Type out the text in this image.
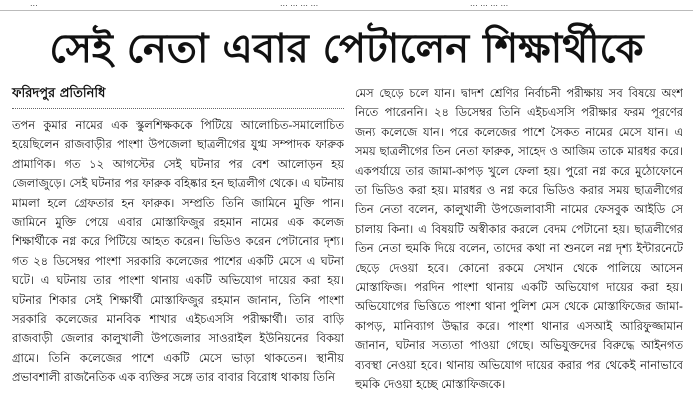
...	... ... ... ...	... ... ... ...
সেই নেতা এবার পেটালেন শিক্ষার্থীকে
ফরিদপুর প্রতিনিধি

তপন কুমার নামের এক স্কুলশিক্ষককে পিটিয়ে আলোচিত-সমালোচিত হয়েছিলেন রাজবাড়ীর পাংশা উপজেলা ছাত্রলীগের যুগ্ম সম্পাদক ফারুক প্রামাণিক। গত ১২ আগস্টের সেই ঘটনার পর বেশ আলোড়ন হয় জেলাজুড়ে। সেই ঘটনার পর ফারুক বহিষ্কার হন ছাত্রলীগ থেকে। এ ঘটনায় মামলা হলে গ্রেফতার হন ফারুক। সম্প্রতি তিনি জামিনে মুক্তি পান। জামিনে মুক্তি পেয়ে এবার মোস্তাফিজুর রহমান নামের এক কলেজ শিক্ষার্থীকে নগ্ন করে পিটিয়ে আহত করেন। ভিডিও করেন পেটানোর দৃশ্য। গত ২৪ ডিসেম্বর পাংশা সরকারি কলেজের পাশের একটি মেসে এ ঘটনা ঘটে। এ ঘটনায় তার পাংশা থানায় একটি অভিযোগ দায়ের করা হয়। ঘটনার শিকার সেই শিক্ষার্থী মোস্তাফিজুর রহমান জানান, তিনি পাংশা সরকারি কলেজের মানবিক শাখার এইচএসসি পরীক্ষার্থী। তার বাড়ি রাজবাড়ী জেলার কালুখালী উপজেলার সাওরাইল ইউনিয়নের বিকয়া গ্রামে। তিনি কলেজের পাশে একটি মেসে ভাড়া থাকতেন। স্থানীয় প্রভাবশালী রাজনৈতিক এক ব্যক্তির সঙ্গে তার বাবার বিরোধ থাকায় তিনি

মেস ছেড়ে চলে যান। দ্বাদশ শ্রেণির নির্বাচনী পরীক্ষায় সব বিষয়ে অংশ নিতে পারেননি। ২৪ ডিসেম্বর তিনি এইচএসসি পরীক্ষার ফরম পূরণের জন্য কলেজে যান। পরে কলেজের পাশে সৈকত নামের মেসে যান। এ সময় ছাত্রলীগের তিন নেতা ফারুক, সাহেদ ও আজিম তাকে মারধর করে। একপর্যায়ে তার জামা-কাপড় খুলে ফেলা হয়। পুরো নগ্ন করে মুঠোফোনে তা ভিডিও করা হয়। মারধর ও নগ্ন করে ভিডিও করার সময় ছাত্রলীগের তিন নেতা বলেন, কালুখালী উপজেলাবাসী নামের ফেসবুক আইডি সে চালায় কিনা। এ বিষয়টি অস্বীকার করলে বেদম পেটানো হয়। ছাত্রলীগের তিন নেতা হুমকি দিয়ে বলেন, তাদের কথা না শুনলে নগ্ন দৃশ্য ইন্টারনেটে ছেড়ে দেওয়া হবে। কোনো রকমে সেখান থেকে পালিয়ে আসেন মোস্তাফিজ। পরদিন পাংশা থানায় একটি অভিযোগ দায়ের করা হয়। অভিযোগের ভিত্তিতে পাংশা থানা পুলিশ মেস থেকে মোস্তাফিজের জামা-কাপড়, মানিব্যাগ উদ্ধার করে। পাংশা থানার এসআই আরিফুজ্জামান জানান, ঘটনার সত্যতা পাওয়া গেছে। অভিযুক্তদের বিরুদ্ধে আইনগত ব্যবস্থা নেওয়া হবে। থানায় অভিযোগ দায়ের করার পর থেকেই নানাভাবে হুমকি দেওয়া হচ্ছে মোস্তাফিজকে।
